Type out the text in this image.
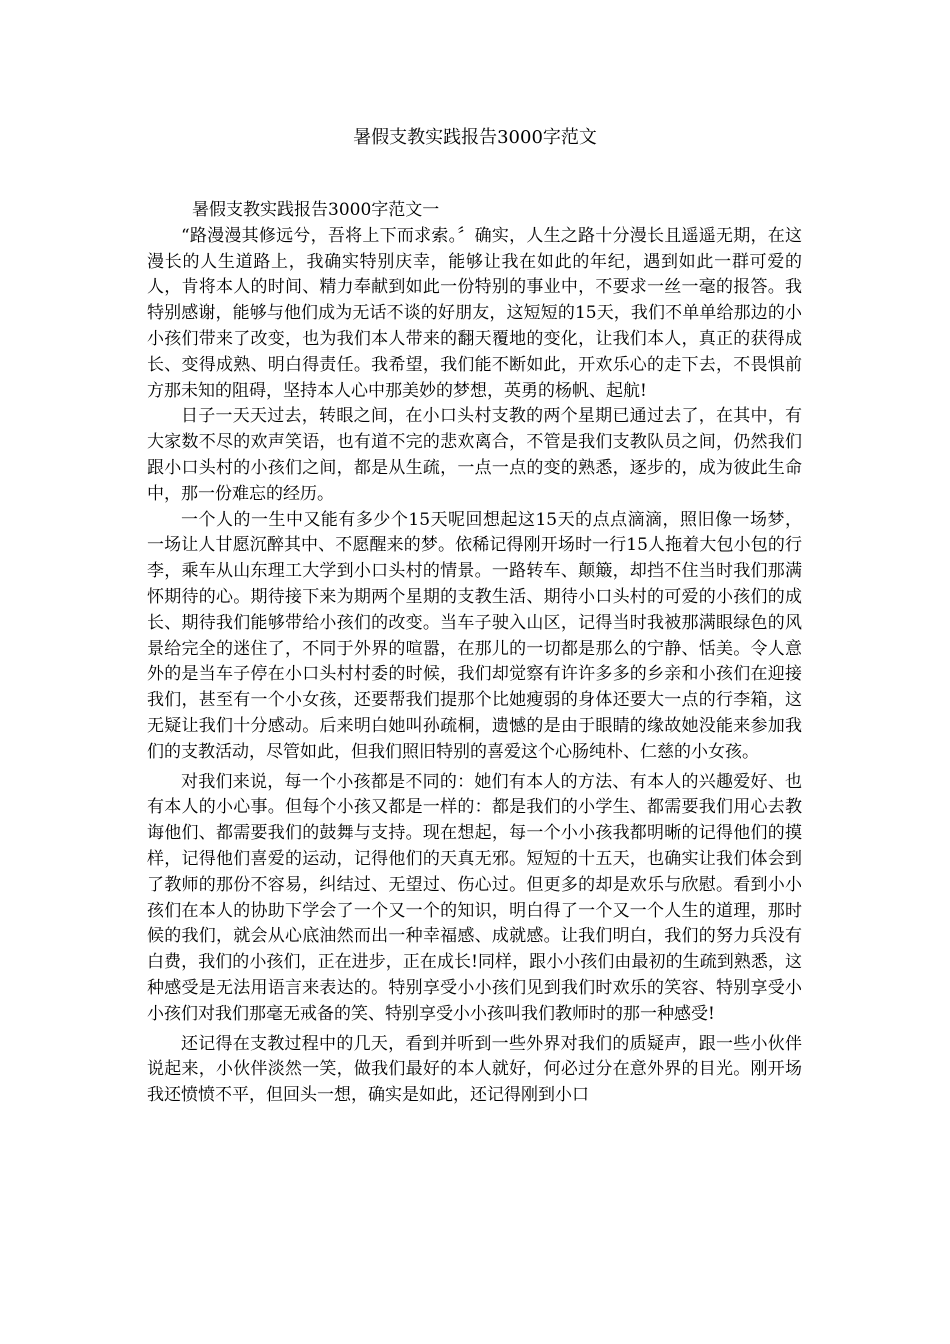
暑假支教实践报告3000字范文

暑假支教实践报告3000字范文一

“路漫漫其修远兮，吾将上下而求索。〞确实，人生之路十分漫长且遥遥无期，在这漫长的人生道路上，我确实特别庆幸，能够让我在如此的年纪，遇到如此一群可爱的人，肯将本人的时间、精力奉献到如此一份特别的事业中，不要求一丝一毫的报答。我特别感谢，能够与他们成为无话不谈的好朋友，这短短的15天，我们不单单给那边的小小孩们带来了改变，也为我们本人带来的翻天覆地的变化，让我们本人，真正的获得成长、变得成熟、明白得责任。我希望，我们能不断如此，开欢乐心的走下去，不畏惧前方那未知的阻碍，坚持本人心中那美妙的梦想，英勇的杨帆、起航!

日子一天天过去，转眼之间，在小口头村支教的两个星期已通过去了，在其中，有大家数不尽的欢声笑语，也有道不完的悲欢离合，不管是我们支教队员之间，仍然我们跟小口头村的小孩们之间，都是从生疏，一点一点的变的熟悉，逐步的，成为彼此生命中，那一份难忘的经历。

一个人的一生中又能有多少个15天呢回想起这15天的点点滴滴，照旧像一场梦，一场让人甘愿沉醉其中、不愿醒来的梦。依稀记得刚开场时一行15人拖着大包小包的行李，乘车从山东理工大学到小口头村的情景。一路转车、颠簸，却挡不住当时我们那满怀期待的心。期待接下来为期两个星期的支教生活、期待小口头村的可爱的小孩们的成长、期待我们能够带给小孩们的改变。当车子驶入山区，记得当时我被那满眼绿色的风景给完全的迷住了，不同于外界的喧嚣，在那儿的一切都是那么的宁静、恬美。令人意外的是当车子停在小口头村村委的时候，我们却觉察有许许多多的乡亲和小孩们在迎接我们，甚至有一个小女孩，还要帮我们提那个比她瘦弱的身体还要大一点的行李箱，这无疑让我们十分感动。后来明白她叫孙疏桐，遗憾的是由于眼睛的缘故她没能来参加我们的支教活动，尽管如此，但我们照旧特别的喜爱这个心肠纯朴、仁慈的小女孩。

对我们来说，每一个小孩都是不同的：她们有本人的方法、有本人的兴趣爱好、也有本人的小心事。但每个小孩又都是一样的：都是我们的小学生、都需要我们用心去教诲他们、都需要我们的鼓舞与支持。现在想起，每一个小小孩我都明晰的记得他们的摸样，记得他们喜爱的运动，记得他们的天真无邪。短短的十五天，也确实让我们体会到了教师的那份不容易，纠结过、无望过、伤心过。但更多的却是欢乐与欣慰。看到小小孩们在本人的协助下学会了一个又一个的知识，明白得了一个又一个人生的道理，那时候的我们，就会从心底油然而出一种幸福感、成就感。让我们明白，我们的努力兵没有白费，我们的小孩们，正在进步，正在成长!同样，跟小小孩们由最初的生疏到熟悉，这种感受是无法用语言来表达的。特别享受小小孩们见到我们时欢乐的笑容、特别享受小小孩们对我们那毫无戒备的笑、特别享受小小孩叫我们教师时的那一种感受!

还记得在支教过程中的几天，看到并听到一些外界对我们的质疑声，跟一些小伙伴说起来，小伙伴淡然一笑，做我们最好的本人就好，何必过分在意外界的目光。刚开场我还愤愤不平，但回头一想，确实是如此，还记得刚到小口
